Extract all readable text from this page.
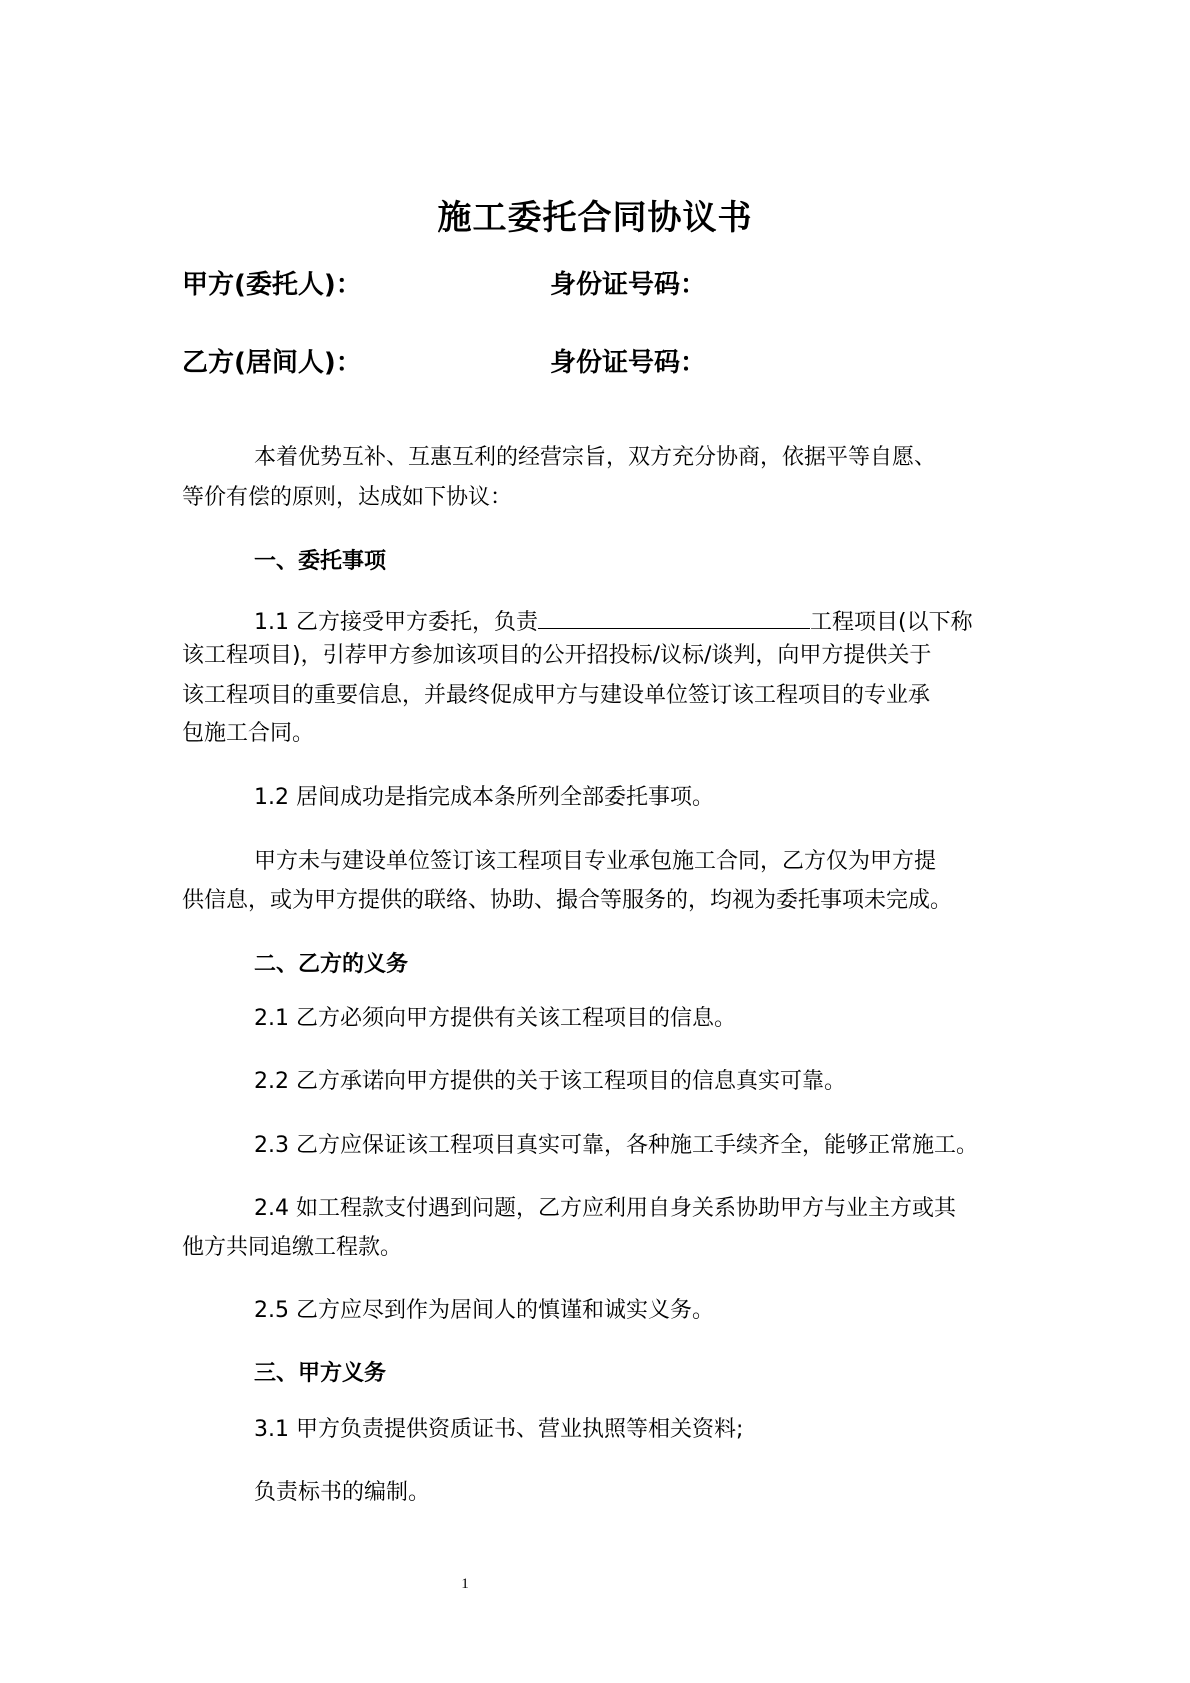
施工委托合同协议书
甲方(委托人)：	身份证号码：
乙方(居间人)：	身份证号码：
本着优势互补、互惠互利的经营宗旨，双方充分协商，依据平等自愿、
等价有偿的原则，达成如下协议：
一、委托事项
1.1 乙方接受甲方委托，负责	工程项目(以下称
该工程项目)，引荐甲方参加该项目的公开招投标/议标/谈判，向甲方提供关于
该工程项目的重要信息，并最终促成甲方与建设单位签订该工程项目的专业承
包施工合同。
1.2 居间成功是指完成本条所列全部委托事项。
甲方未与建设单位签订该工程项目专业承包施工合同，乙方仅为甲方提
供信息，或为甲方提供的联络、协助、撮合等服务的，均视为委托事项未完成。
二、乙方的义务
2.1 乙方必须向甲方提供有关该工程项目的信息。
2.2 乙方承诺向甲方提供的关于该工程项目的信息真实可靠。
2.3 乙方应保证该工程项目真实可靠，各种施工手续齐全，能够正常施工。
2.4 如工程款支付遇到问题，乙方应利用自身关系协助甲方与业主方或其
他方共同追缴工程款。
2.5 乙方应尽到作为居间人的慎谨和诚实义务。
三、甲方义务
3.1 甲方负责提供资质证书、营业执照等相关资料;
负责标书的编制。
1
